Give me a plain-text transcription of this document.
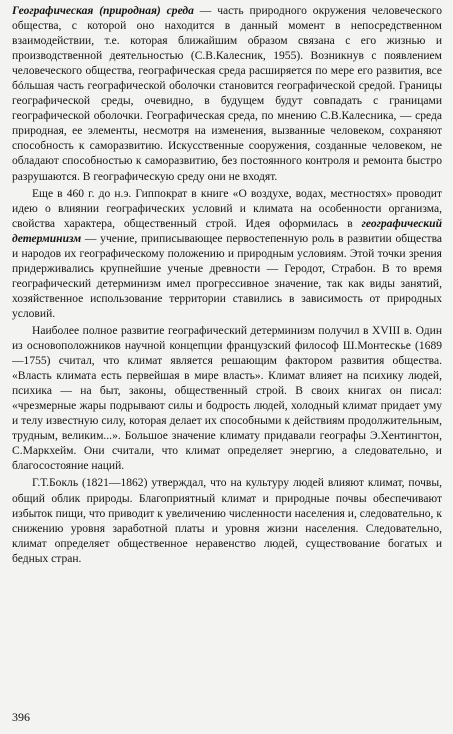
Географическая (природная) среда — часть природного окружения человеческого общества, с которой оно находится в данный момент в непосредственном взаимодействии, т.е. которая ближайшим образом связана с его жизнью и производственной деятельностью (С.В.Калесник, 1955). Возникнув с появлением человеческого общества, географическая среда расширяется по мере его развития, все бóльшая часть географической оболочки становится географической средой. Границы географической среды, очевидно, в будущем будут совпадать с границами географической оболочки. Географическая среда, по мнению С.В.Калесника, — среда природная, ее элементы, несмотря на изменения, вызванные человеком, сохраняют способность к саморазвитию. Искусственные сооружения, созданные человеком, не обладают способностью к саморазвитию, без постоянного контроля и ремонта быстро разрушаются. В географическую среду они не входят.

Еще в 460 г. до н.э. Гиппократ в книге «О воздухе, водах, местностях» проводит идею о влиянии географических условий и климата на особенности организма, свойства характера, общественный строй. Идея оформилась в географический детерминизм — учение, приписывающее первостепенную роль в развитии общества и народов их географическому положению и природным условиям. Этой точки зрения придерживались крупнейшие ученые древности — Геродот, Страбон. В то время географический детерминизм имел прогрессивное значение, так как виды занятий, хозяйственное использование территории ставились в зависимость от природных условий.

Наиболее полное развитие географический детерминизм получил в XVIII в. Один из основоположников научной концепции французский философ Ш.Монтескье (1689—1755) считал, что климат является решающим фактором развития общества. «Власть климата есть первейшая в мире власть». Климат влияет на психику людей, психика — на быт, законы, общественный строй. В своих книгах он писал: «чрезмерные жары подрывают силы и бодрость людей, холодный климат придает уму и телу известную силу, которая делает их способными к действиям продолжительным, трудным, великим...». Большое значение климату придавали географы Э.Хентингтон, С.Маркхейм. Они считали, что климат определяет энергию, а следовательно, и благосостояние наций.

Г.Т.Бокль (1821—1862) утверждал, что на культуру людей влияют климат, почвы, общий облик природы. Благоприятный климат и природные почвы обеспечивают избыток пищи, что приводит к увеличению численности населения и, следовательно, к снижению уровня заработной платы и уровня жизни населения. Следовательно, климат определяет общественное неравенство людей, существование богатых и бедных стран.

396
